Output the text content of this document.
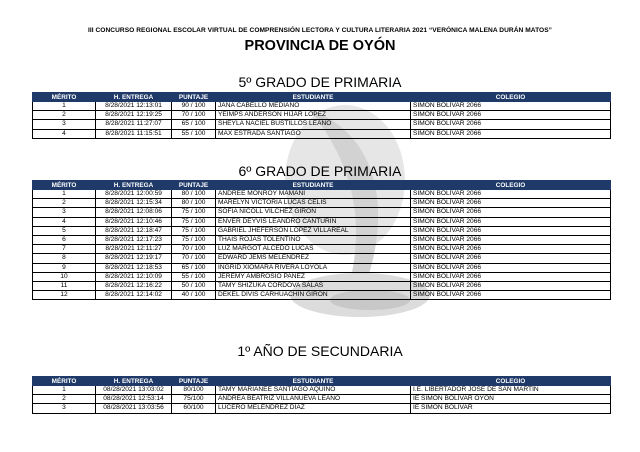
III CONCURSO REGIONAL ESCOLAR VIRTUAL DE COMPRENSIÓN LECTORA Y CULTURA LITERARIA 2021 “VERÓNICA MALENA DURÁN MATOS”
PROVINCIA DE OYÓN
5º GRADO DE PRIMARIA
MÉRITO	H. ENTREGA	PUNTAJE	ESTUDIANTE	COLEGIO
1	8/28/2021 12:13:01	90 / 100	JANA CABELLO MEDIANO	SIMÓN BOLÍVAR 2066
2	8/28/2021 12:19:25	70 / 100	YEIMPS ANDERSON HIJAR LOPEZ	SIMÓN BOLÍVAR 2066
3	8/28/2021 11:27:07	65 / 100	SHEYLA NACIEL BUSTILLOS LEAÑO	SIMÓN BOLÍVAR 2066
4	8/28/2021 11:15:51	55 / 100	MAX ESTRADA SANTIAGO	SIMÓN BOLÍVAR 2066
6º GRADO DE PRIMARIA
MÉRITO	H. ENTREGA	PUNTAJE	ESTUDIANTE	COLEGIO
1	8/28/2021 12:00:59	80 / 100	ANDREE MONROY MAMANI	SIMÓN BOLÍVAR 2066
2	8/28/2021 12:15:34	80 / 100	MARELYN VICTORIA LUCAS CELIS	SIMÓN BOLÍVAR 2066
3	8/28/2021 12:08:06	75 / 100	SOFIA NICOLL VILCHEZ GIRÓN	SIMÓN BOLÍVAR 2066
4	8/28/2021 12:10:46	75 / 100	ENVER DEYVIS LEANDRO CANTURIN	SIMÓN BOLÍVAR 2066
5	8/28/2021 12:18:47	75 / 100	GABRIEL JHEFERSON LOPEZ VILLAREAL	SIMÓN BOLÍVAR 2066
6	8/28/2021 12:17:23	75 / 100	THAIS ROJAS TOLENTINO	SIMÓN BOLÍVAR 2066
7	8/28/2021 12:11:27	70 / 100	LUZ MARGOT ALCEDO LUCAS	SIMÓN BOLÍVAR 2066
8	8/28/2021 12:19:17	70 / 100	EDWARD JEMS MELENDREZ	SIMÓN BOLÍVAR 2066
9	8/28/2021 12:18:53	65 / 100	INGRID XIOMARA RIVERA LOYOLA	SIMÓN BOLÍVAR 2066
10	8/28/2021 12:10:09	55 / 100	JEREMY AMBROSIO PANEZ	SIMÓN BOLÍVAR 2066
11	8/28/2021 12:16:22	50 / 100	TAMY SHIZUKA CORDOVA SALAS	SIMÓN BOLÍVAR 2066
12	8/28/2021 12:14:02	40 / 100	DEKEL DIVIS CARHUACHIN GIRÓN	SIMÓN BOLÍVAR 2066
1º AÑO DE SECUNDARIA
MÉRITO	H. ENTREGA	PUNTAJE	ESTUDIANTE	COLEGIO
1	08/28/2021 13:03:02	80/100	TAMY MARIANEE SANTIAGO AQUINO	I.E. LIBERTADOR JOSE DE SAN MARTÍN
2	08/28/2021 12:53:14	75/100	ANDREA BEATRIZ VILLANUEVA LEAÑO	IE SIMÓN BOLÍVAR OYÓN
3	08/28/2021 13:03:56	60/100	LUCERO MELÉNDREZ DÍAZ	IE SIMÓN BOLÍVAR
